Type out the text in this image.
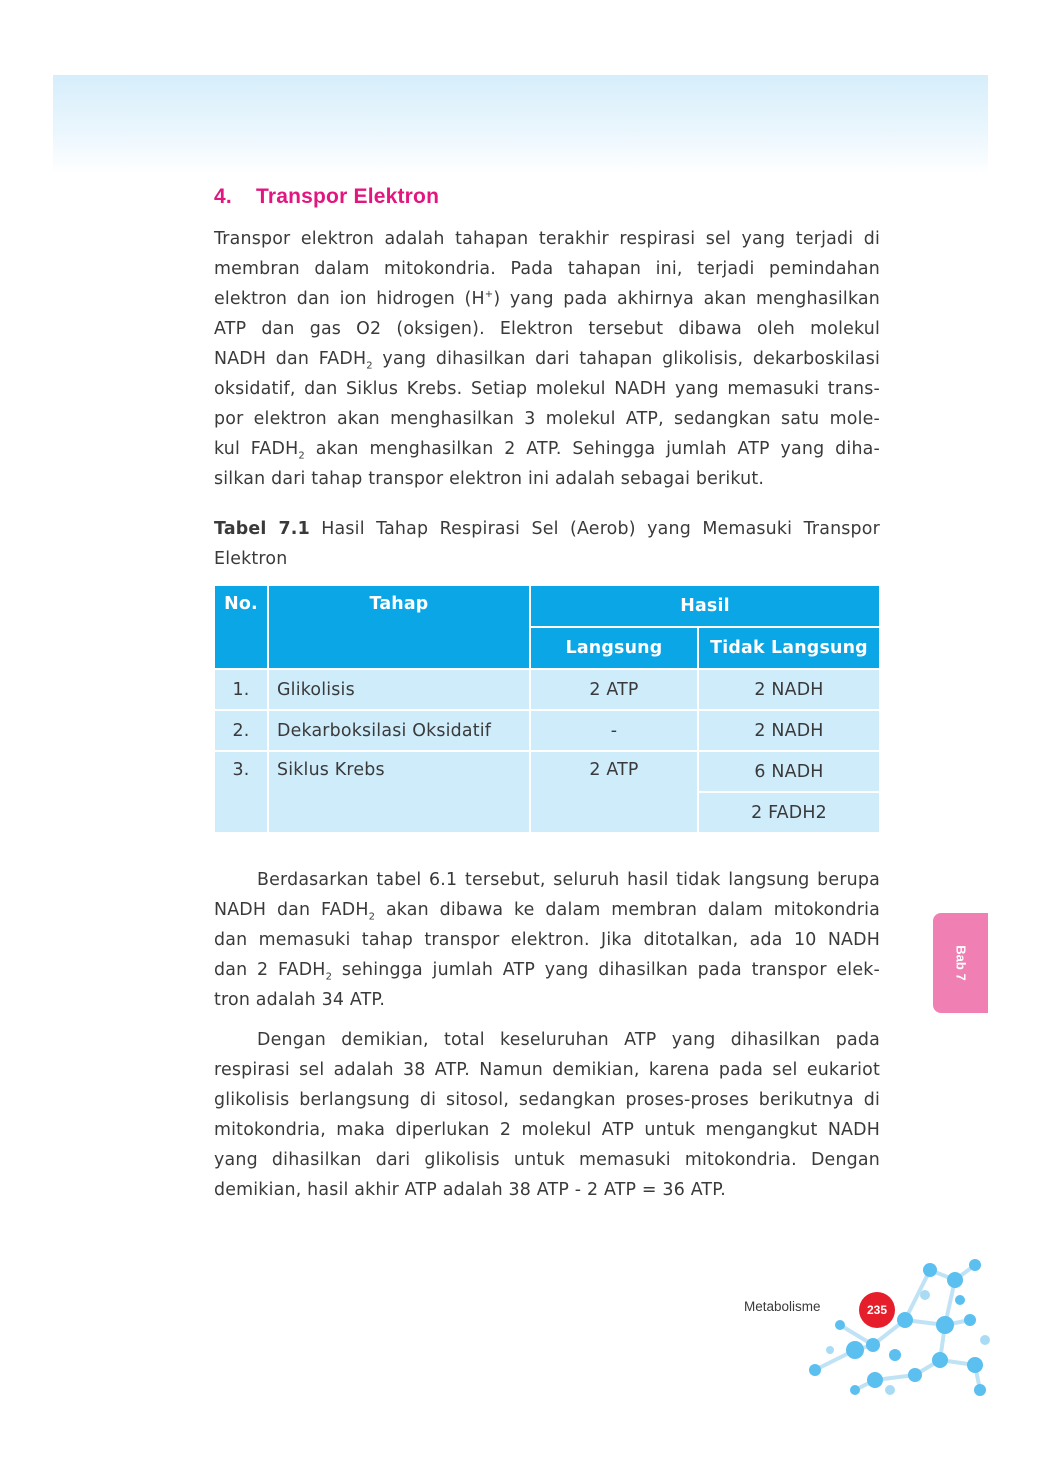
4. Transpor Elektron
Transpor elektron adalah tahapan terakhir respirasi sel yang terjadi di
membran dalam mitokondria. Pada tahapan ini, terjadi pemindahan
elektron dan ion hidrogen (H+) yang pada akhirnya akan menghasilkan
ATP dan gas O2 (oksigen). Elektron tersebut dibawa oleh molekul
NADH dan $FADH_2$ yang dihasilkan dari tahapan glikolisis, dekarboskilasi
oksidatif, dan Siklus Krebs. Setiap molekul NADH yang memasuki trans-
por elektron akan menghasilkan 3 molekul ATP, sedangkan satu mole-
kul $FADH_2$ akan menghasilkan 2 ATP. Sehingga jumlah ATP yang diha-
silkan dari tahap transpor elektron ini adalah sebagai berikut.
Tabel 7.1 Hasil Tahap Respirasi Sel (Aerob) yang Memasuki Transpor
Elektron
No.	Tahap	Hasil	
		Langsung	Tidak Langsung
1.	Glikolisis	2 ATP	2 NADH
2.	Dekarboksilasi Oksidatif	-	2 NADH
3.	Siklus Krebs	2 ATP	6 NADH
			2 FADH2
Berdasarkan tabel 6.1 tersebut, seluruh hasil tidak langsung berupa
NADH dan $FADH_2$ akan dibawa ke dalam membran dalam mitokondria
dan memasuki tahap transpor elektron. Jika ditotalkan, ada 10 NADH
dan 2 $FADH_2$ sehingga jumlah ATP yang dihasilkan pada transpor elek-
tron adalah 34 ATP.
Dengan demikian, total keseluruhan ATP yang dihasilkan pada
respirasi sel adalah 38 ATP. Namun demikian, karena pada sel eukariot
glikolisis berlangsung di sitosol, sedangkan proses-proses berikutnya di
mitokondria, maka diperlukan 2 molekul ATP untuk mengangkut NADH
yang dihasilkan dari glikolisis untuk memasuki mitokondria. Dengan
demikian, hasil akhir ATP adalah 38 ATP - 2 ATP = 36 ATP.
Bab 7
Metabolisme	235
